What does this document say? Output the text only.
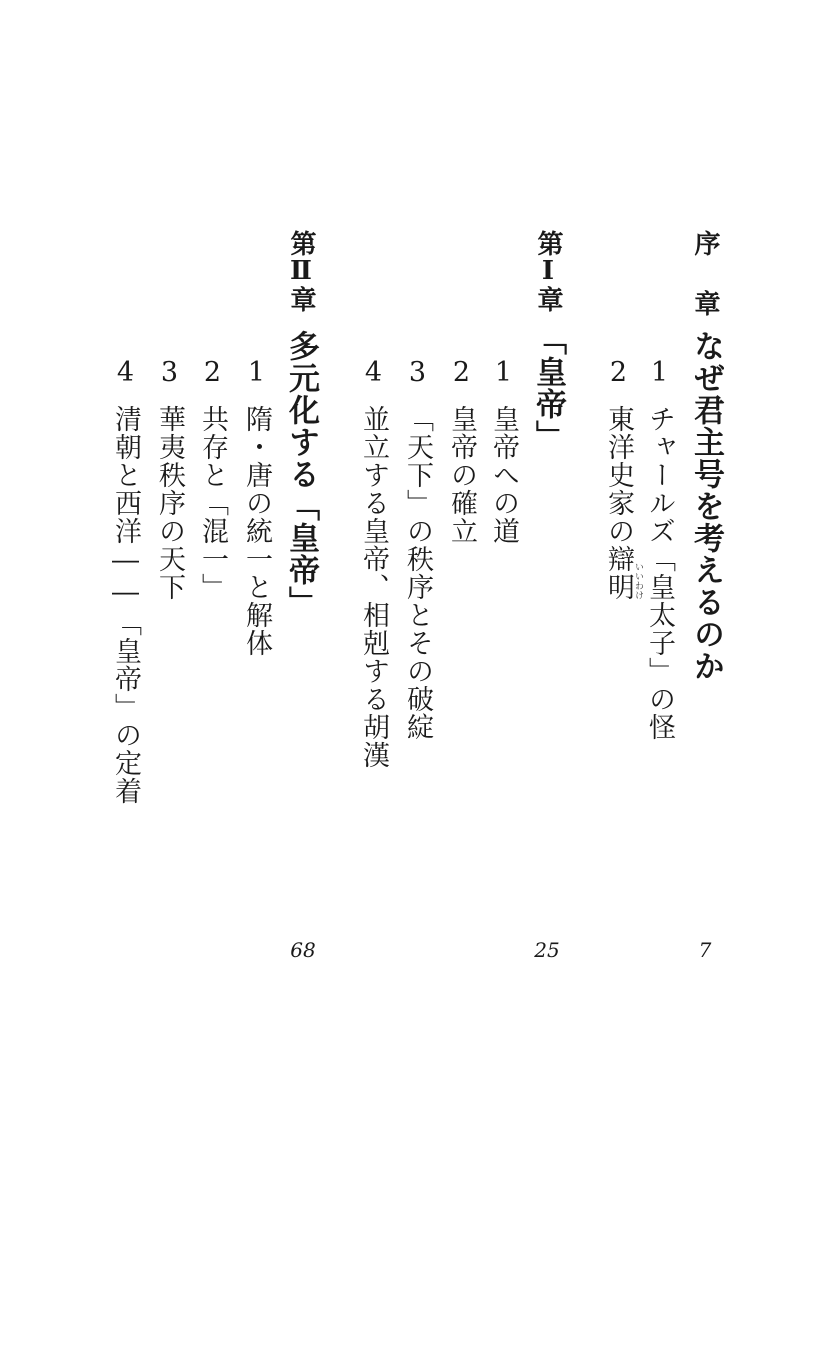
序章
なぜ君主号を考えるのか
1
チャールズ「皇太子」の怪
2
東洋史家の辯明 いいわけ
7
第Ⅰ章
「皇帝」
1
皇帝への道
2
皇帝の確立
3
「天下」の秩序とその破綻
4
並立する皇帝、相剋する胡漢
25
第Ⅱ章
多元化する「皇帝」
1
隋・唐の統一と解体
2
共存と「混一」
3
華夷秩序の天下
4
清朝と西洋――「皇帝」の定着
68
